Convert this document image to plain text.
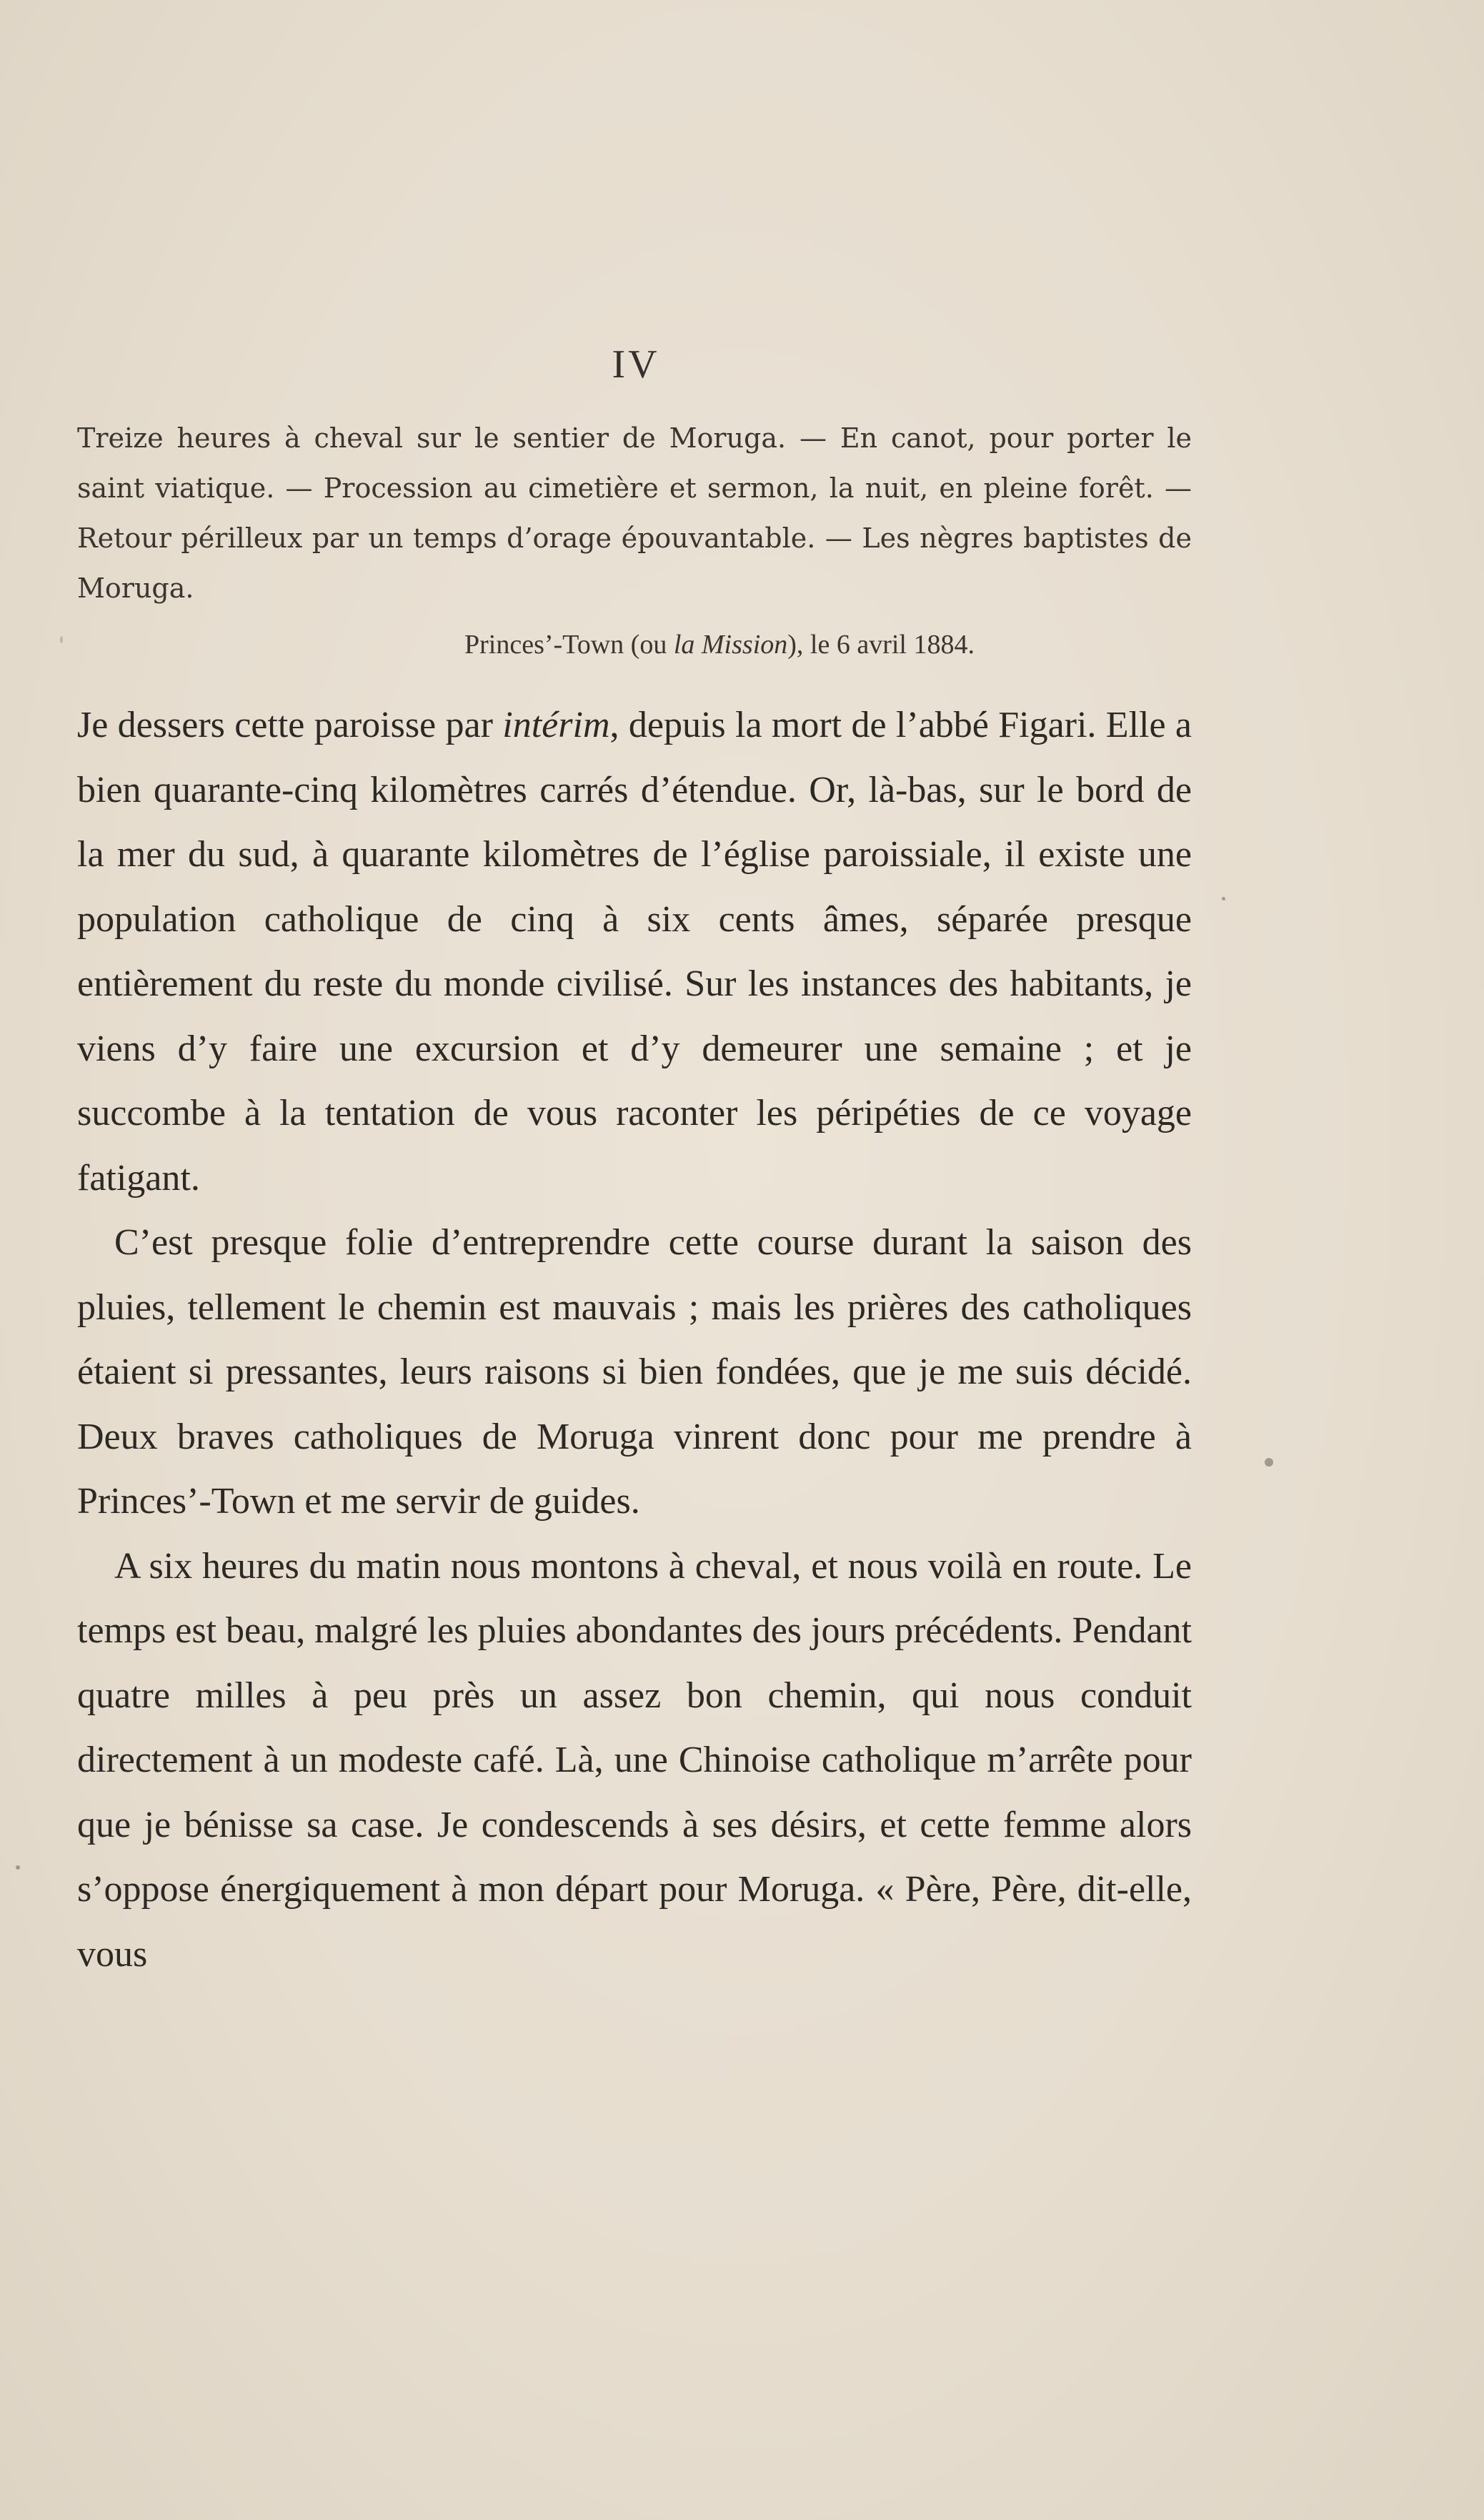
IV

Treize heures à cheval sur le sentier de Moruga. — En canot, pour porter le saint viatique. — Procession au cimetière et sermon, la nuit, en pleine forêt. — Retour périlleux par un temps d’orage épouvantable. — Les nègres baptistes de Moruga.

Princes’-Town (ou la Mission), le 6 avril 1884.

Je dessers cette paroisse par intérim, depuis la mort de l’abbé Figari. Elle a bien quarante-cinq kilomètres carrés d’étendue. Or, là-bas, sur le bord de la mer du sud, à quarante kilomètres de l’église paroissiale, il existe une population catholique de cinq à six cents âmes, séparée presque entièrement du reste du monde civilisé. Sur les instances des habitants, je viens d’y faire une excursion et d’y demeurer une semaine ; et je succombe à la tentation de vous raconter les péripéties de ce voyage fatigant.

C’est presque folie d’entreprendre cette course durant la saison des pluies, tellement le chemin est mauvais ; mais les prières des catholiques étaient si pressantes, leurs raisons si bien fondées, que je me suis décidé. Deux braves catholiques de Moruga vinrent donc pour me prendre à Princes’-Town et me servir de guides.

A six heures du matin nous montons à cheval, et nous voilà en route. Le temps est beau, malgré les pluies abondantes des jours précédents. Pendant quatre milles à peu près un assez bon chemin, qui nous conduit directement à un modeste café. Là, une Chinoise catholique m’arrête pour que je bénisse sa case. Je condescends à ses désirs, et cette femme alors s’oppose énergiquement à mon départ pour Moruga. « Père, Père, dit-elle, vous
